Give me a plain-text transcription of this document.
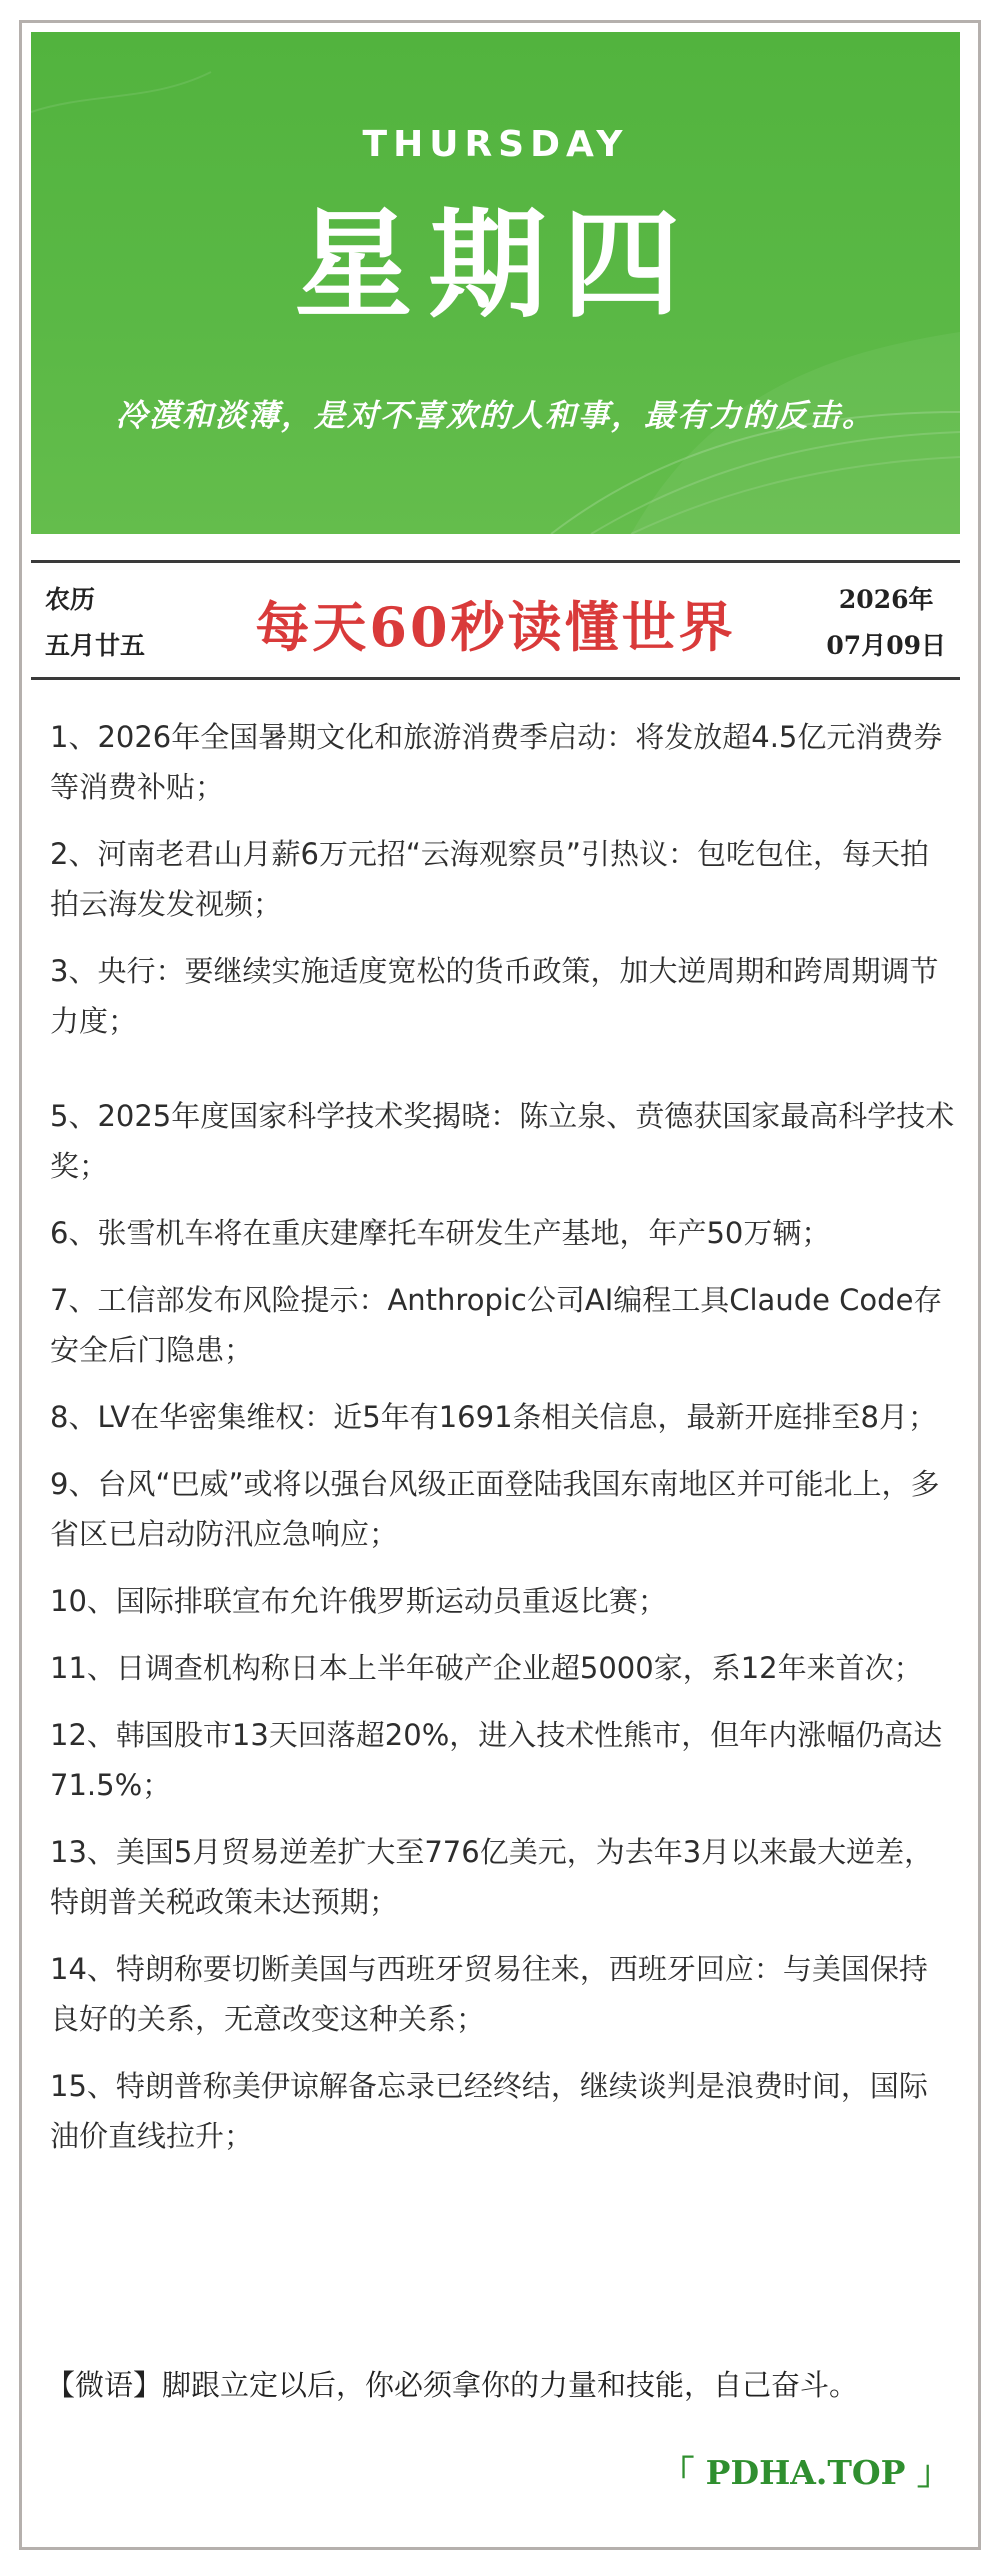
THURSDAY
星期四
冷漠和淡薄，是对不喜欢的人和事，最有力的反击。
农历
五月廿五	每天60秒读懂世界	2026年
07月09日
1、2026年全国暑期文化和旅游消费季启动：将发放超4.5亿元消费券等消费补贴；
2、河南老君山月薪6万元招“云海观察员”引热议：包吃包住，每天拍拍云海发发视频；
3、央行：要继续实施适度宽松的货币政策，加大逆周期和跨周期调节力度；
5、2025年度国家科学技术奖揭晓：陈立泉、贲德获国家最高科学技术奖；
6、张雪机车将在重庆建摩托车研发生产基地，年产50万辆；
7、工信部发布风险提示：Anthropic公司AI编程工具Claude Code存安全后门隐患；
8、LV在华密集维权：近5年有1691条相关信息，最新开庭排至8月；
9、台风“巴威”或将以强台风级正面登陆我国东南地区并可能北上，多省区已启动防汛应急响应；
10、国际排联宣布允许俄罗斯运动员重返比赛；
11、日调查机构称日本上半年破产企业超5000家，系12年来首次；
12、韩国股市13天回落超20%，进入技术性熊市，但年内涨幅仍高达71.5%；
13、美国5月贸易逆差扩大至776亿美元，为去年3月以来最大逆差，特朗普关税政策未达预期；
14、特朗称要切断美国与西班牙贸易往来，西班牙回应：与美国保持良好的关系，无意改变这种关系；
15、特朗普称美伊谅解备忘录已经终结，继续谈判是浪费时间，国际油价直线拉升；
【微语】脚跟立定以后，你必须拿你的力量和技能，自己奋斗。
「 PDHA.TOP 」
